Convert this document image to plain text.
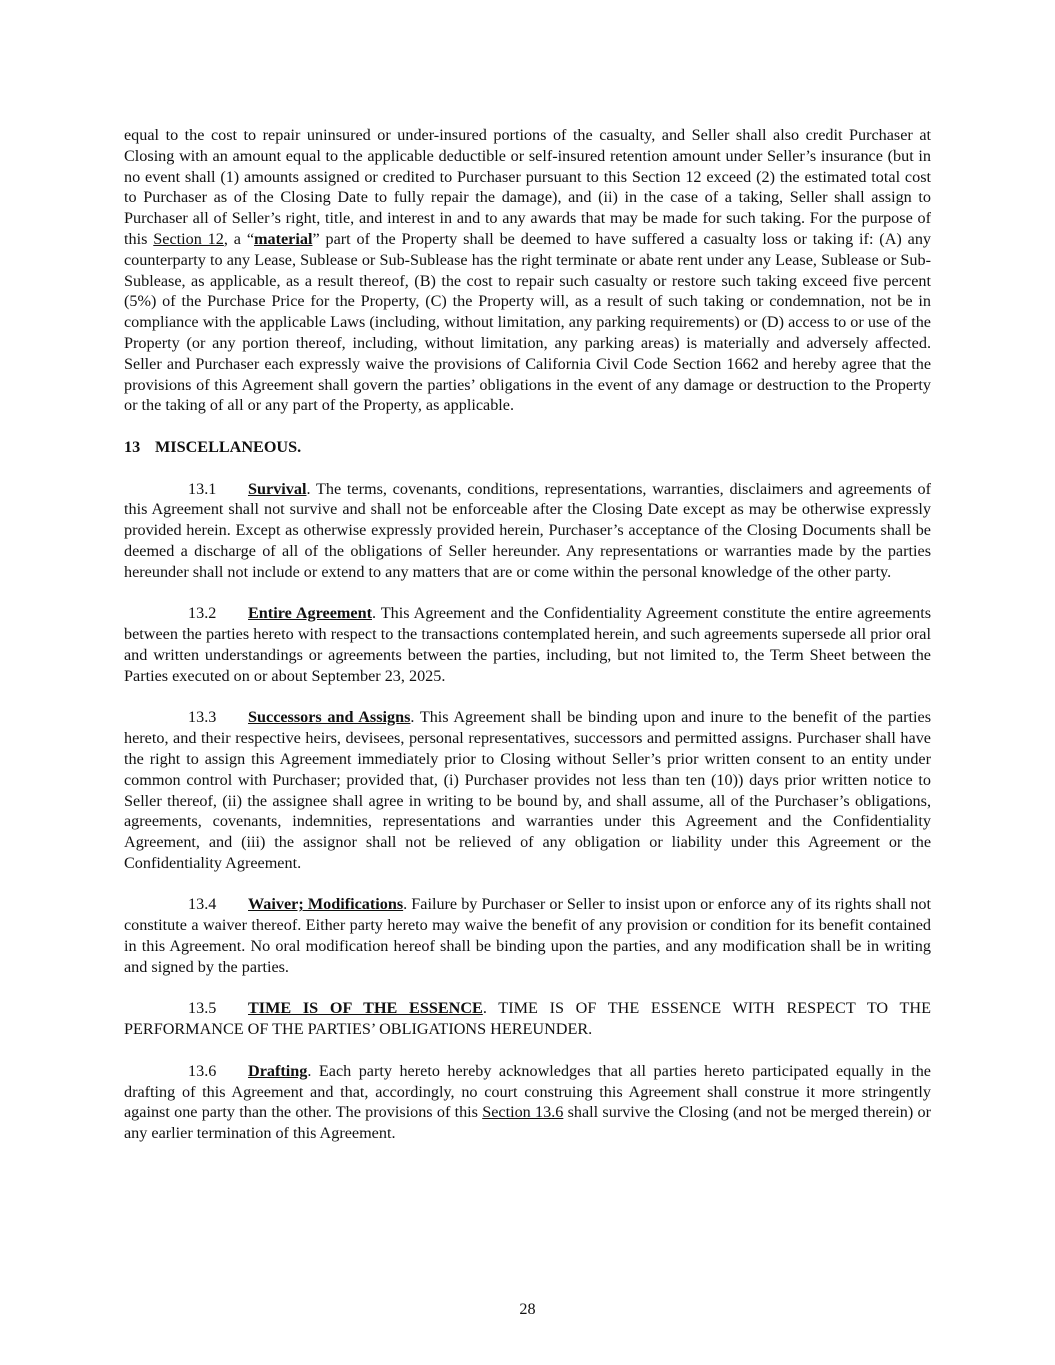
equal to the cost to repair uninsured or under-insured portions of the casualty, and Seller shall also credit Purchaser at Closing with an amount equal to the applicable deductible or self-insured retention amount under Seller’s insurance (but in no event shall (1) amounts assigned or credited to Purchaser pursuant to this Section 12 exceed (2) the estimated total cost to Purchaser as of the Closing Date to fully repair the damage), and (ii) in the case of a taking, Seller shall assign to Purchaser all of Seller’s right, title, and interest in and to any awards that may be made for such taking. For the purpose of this Section 12, a “material” part of the Property shall be deemed to have suffered a casualty loss or taking if: (A) any counterparty to any Lease, Sublease or Sub-Sublease has the right terminate or abate rent under any Lease, Sublease or Sub-Sublease, as applicable, as a result thereof, (B) the cost to repair such casualty or restore such taking exceed five percent (5%) of the Purchase Price for the Property, (C) the Property will, as a result of such taking or condemnation, not be in compliance with the applicable Laws (including, without limitation, any parking requirements) or (D) access to or use of the Property (or any portion thereof, including, without limitation, any parking areas) is materially and adversely affected. Seller and Purchaser each expressly waive the provisions of California Civil Code Section 1662 and hereby agree that the provisions of this Agreement shall govern the parties’ obligations in the event of any damage or destruction to the Property or the taking of all or any part of the Property, as applicable.

13 MISCELLANEOUS.

13.1 Survival. The terms, covenants, conditions, representations, warranties, disclaimers and agreements of this Agreement shall not survive and shall not be enforceable after the Closing Date except as may be otherwise expressly provided herein. Except as otherwise expressly provided herein, Purchaser’s acceptance of the Closing Documents shall be deemed a discharge of all of the obligations of Seller hereunder. Any representations or warranties made by the parties hereunder shall not include or extend to any matters that are or come within the personal knowledge of the other party.

13.2 Entire Agreement. This Agreement and the Confidentiality Agreement constitute the entire agreements between the parties hereto with respect to the transactions contemplated herein, and such agreements supersede all prior oral and written understandings or agreements between the parties, including, but not limited to, the Term Sheet between the Parties executed on or about September 23, 2025.

13.3 Successors and Assigns. This Agreement shall be binding upon and inure to the benefit of the parties hereto, and their respective heirs, devisees, personal representatives, successors and permitted assigns. Purchaser shall have the right to assign this Agreement immediately prior to Closing without Seller’s prior written consent to an entity under common control with Purchaser; provided that, (i) Purchaser provides not less than ten (10)) days prior written notice to Seller thereof, (ii) the assignee shall agree in writing to be bound by, and shall assume, all of the Purchaser’s obligations, agreements, covenants, indemnities, representations and warranties under this Agreement and the Confidentiality Agreement, and (iii) the assignor shall not be relieved of any obligation or liability under this Agreement or the Confidentiality Agreement.

13.4 Waiver; Modifications. Failure by Purchaser or Seller to insist upon or enforce any of its rights shall not constitute a waiver thereof. Either party hereto may waive the benefit of any provision or condition for its benefit contained in this Agreement. No oral modification hereof shall be binding upon the parties, and any modification shall be in writing and signed by the parties.

13.5 TIME IS OF THE ESSENCE. TIME IS OF THE ESSENCE WITH RESPECT TO THE PERFORMANCE OF THE PARTIES’ OBLIGATIONS HEREUNDER.

13.6 Drafting. Each party hereto hereby acknowledges that all parties hereto participated equally in the drafting of this Agreement and that, accordingly, no court construing this Agreement shall construe it more stringently against one party than the other. The provisions of this Section 13.6 shall survive the Closing (and not be merged therein) or any earlier termination of this Agreement.

28
